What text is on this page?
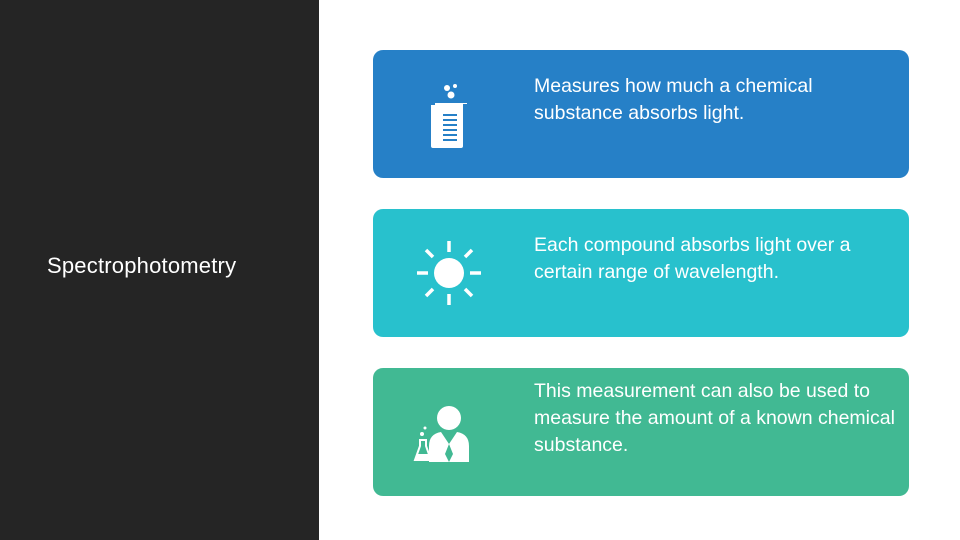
Spectrophotometry
Measures how much a chemical substance absorbs light.
Each compound absorbs light over a certain range of wavelength.
This measurement can also be used to measure the amount of a known chemical substance.
